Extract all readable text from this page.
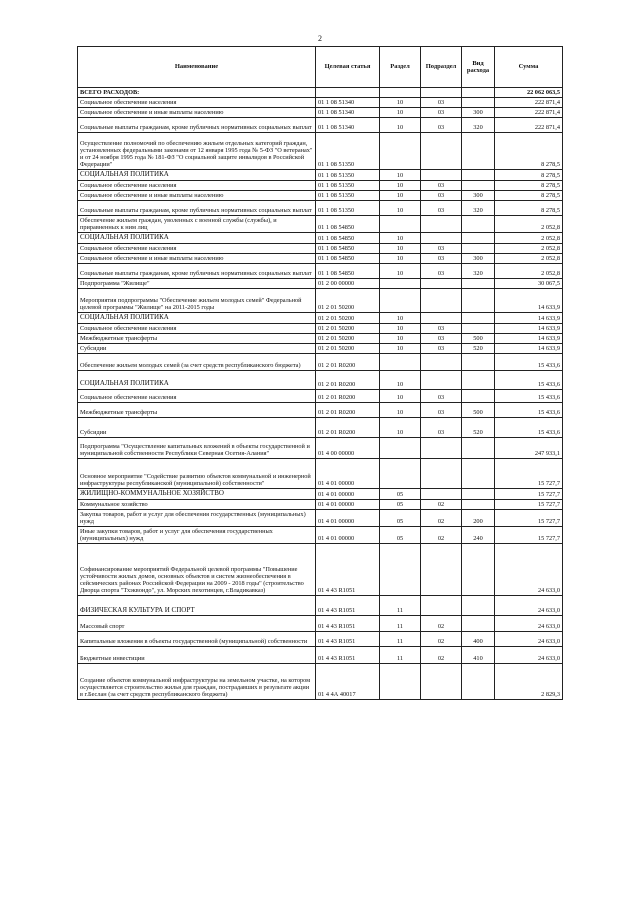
2
Наименование	Целевая статья	Раздел	Подраздел	Вид расхода	Сумма
ВСЕГО РАСХОДОВ:					22 062 063,5
Социальное обеспечение населения	01 1 08 51340	10	03		222 871,4
Социальное обеспечение и иные выплаты населению	01 1 08 51340	10	03	300	222 871,4
Социальные выплаты гражданам, кроме публичных нормативных социальных выплат	01 1 08 51340	10	03	320	222 871,4
Осуществление полномочий по обеспечению жильем отдельных категорий граждан, установленных федеральными законами от 12 января 1995 года № 5-ФЗ "О ветеранах" и от 24 ноября 1995 года № 181-ФЗ "О социальной защите инвалидов в Российской Федерации"	01 1 08 51350				8 278,5
СОЦИАЛЬНАЯ ПОЛИТИКА	01 1 08 51350	10			8 278,5
Социальное обеспечение населения	01 1 08 51350	10	03		8 278,5
Социальное обеспечение и иные выплаты населению	01 1 08 51350	10	03	300	8 278,5
Социальные выплаты гражданам, кроме публичных нормативных социальных выплат	01 1 08 51350	10	03	320	8 278,5
Обеспечение жильем граждан, уволенных с военной службы (службы), и приравненных к ним лиц	01 1 08 54850				2 052,8
СОЦИАЛЬНАЯ ПОЛИТИКА	01 1 08 54850	10			2 052,8
Социальное обеспечение населения	01 1 08 54850	10	03		2 052,8
Социальное обеспечение и иные выплаты населению	01 1 08 54850	10	03	300	2 052,8
Социальные выплаты гражданам, кроме публичных нормативных социальных выплат	01 1 08 54850	10	03	320	2 052,8
Подпрограмма "Жилище"	01 2 00 00000				30 067,5
Мероприятия подпрограммы "Обеспечение жильем молодых семей" Федеральной целевой программы "Жилище" на 2011-2015 годы	01 2 01 50200				14 633,9
СОЦИАЛЬНАЯ ПОЛИТИКА	01 2 01 50200	10			14 633,9
Социальное обеспечение населения	01 2 01 50200	10	03		14 633,9
Межбюджетные трансферты	01 2 01 50200	10	03	500	14 633,9
Субсидии	01 2 01 50200	10	03	520	14 633,9
Обеспечение жильем молодых семей (за счет средств республиканского бюджета)	01 2 01 R0200				15 433,6
СОЦИАЛЬНАЯ ПОЛИТИКА	01 2 01 R0200	10			15 433,6
Социальное обеспечение населения	01 2 01 R0200	10	03		15 433,6
Межбюджетные трансферты	01 2 01 R0200	10	03	500	15 433,6
Субсидии	01 2 01 R0200	10	03	520	15 433,6
Подпрограмма "Осуществление капитальных вложений в объекты государственной и муниципальной собственности Республики Северная Осетия-Алания"	01 4 00 00000				247 933,1
Основное мероприятие "Содействие развитию объектов коммунальной и инженерной инфраструктуры республиканской (муниципальной) собственности"	01 4 01 00000				15 727,7
ЖИЛИЩНО-КОММУНАЛЬНОЕ ХОЗЯЙСТВО	01 4 01 00000	05			15 727,7
Коммунальное хозяйство	01 4 01 00000	05	02		15 727,7
Закупка товаров, работ и услуг для обеспечения государственных (муниципальных) нужд	01 4 01 00000	05	02	200	15 727,7
Иные закупки товаров, работ и услуг для обеспечения государственных (муниципальных) нужд	01 4 01 00000	05	02	240	15 727,7
Софинансирование мероприятий Федеральной целевой программы "Повышение устойчивости жилых домов, основных объектов и систем жизнеобеспечения в сейсмических районах Российской Федерации на 2009 - 2018 годы" (строительство Дворца спорта "Тхэквондо", ул. Морских пехотинцев, г.Владикавказ)	01 4 43 R1051				24 633,0
ФИЗИЧЕСКАЯ КУЛЬТУРА И СПОРТ	01 4 43 R1051	11			24 633,0
Массовый спорт	01 4 43 R1051	11	02		24 633,0
Капитальные вложения в объекты государственной (муниципальной) собственности	01 4 43 R1051	11	02	400	24 633,0
Бюджетные инвестиции	01 4 43 R1051	11	02	410	24 633,0
Создание объектов коммунальной инфраструктуры на земельном участке, на котором осуществляется строительство жилья для граждан, пострадавших в результате акции в г.Беслан (за счет средств республиканского бюджета)	01 4 4А 40017				2 829,3
